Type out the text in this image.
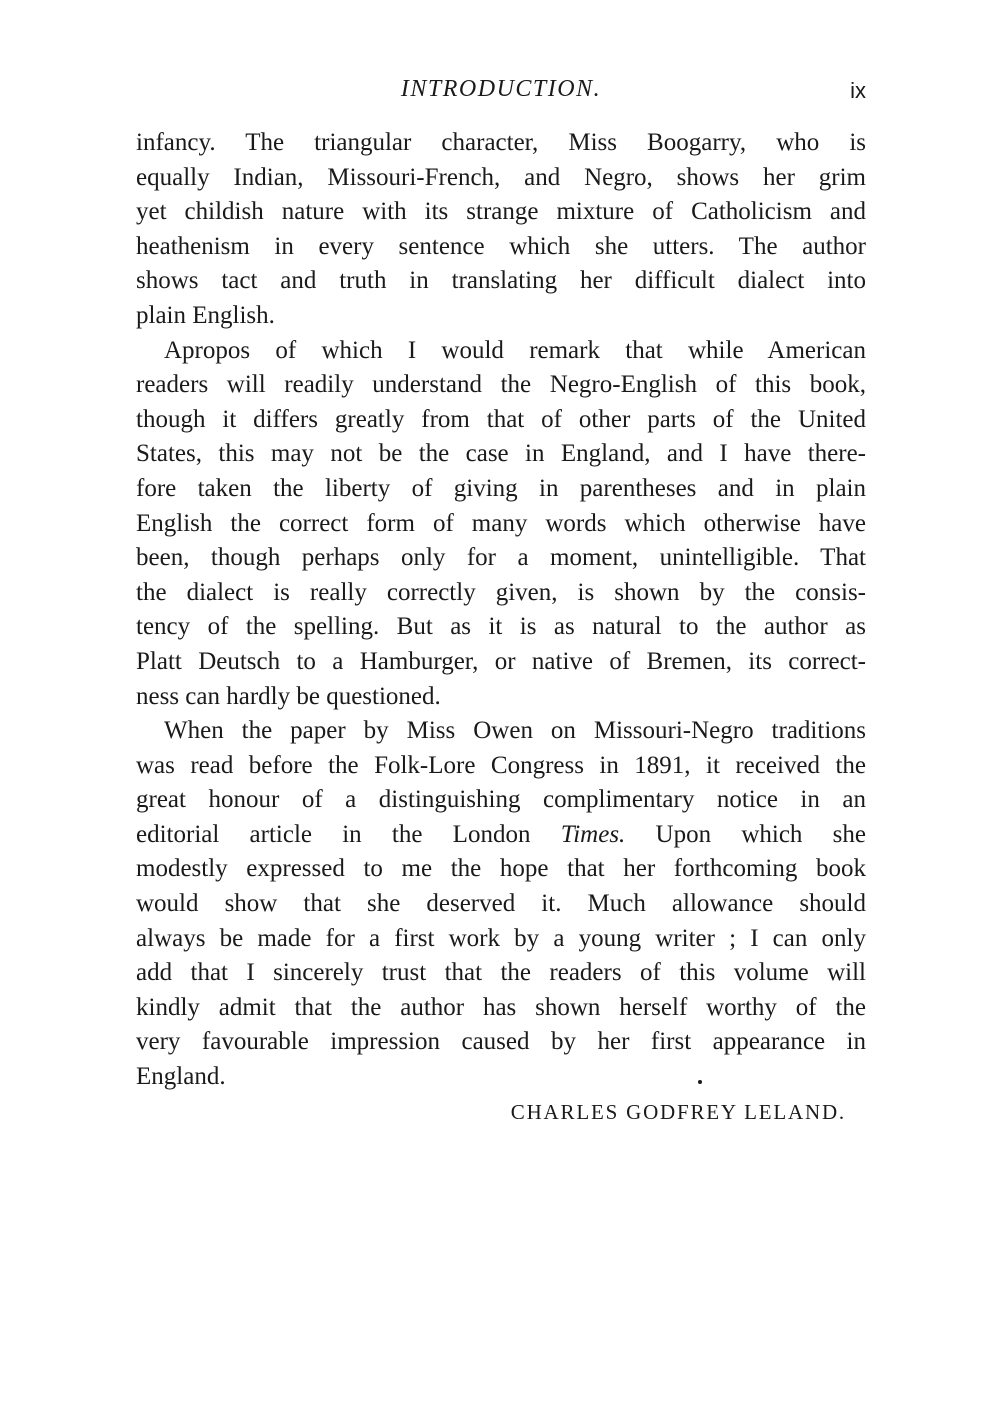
INTRODUCTION.	ix
infancy. The triangular character, Miss Boogarry, who is
equally Indian, Missouri-French, and Negro, shows her grim
yet childish nature with its strange mixture of Catholicism and
heathenism in every sentence which she utters. The author
shows tact and truth in translating her difficult dialect into
plain English.
Apropos of which I would remark that while American
readers will readily understand the Negro-English of this book,
though it differs greatly from that of other parts of the United
States, this may not be the case in England, and I have there-
fore taken the liberty of giving in parentheses and in plain
English the correct form of many words which otherwise have
been, though perhaps only for a moment, unintelligible. That
the dialect is really correctly given, is shown by the consis-
tency of the spelling. But as it is as natural to the author as
Platt Deutsch to a Hamburger, or native of Bremen, its correct-
ness can hardly be questioned.
When the paper by Miss Owen on Missouri-Negro traditions
was read before the Folk-Lore Congress in 1891, it received the
great honour of a distinguishing complimentary notice in an
editorial article in the London Times. Upon which she
modestly expressed to me the hope that her forthcoming book
would show that she deserved it. Much allowance should
always be made for a first work by a young writer ; I can only
add that I sincerely trust that the readers of this volume will
kindly admit that the author has shown herself worthy of the
very favourable impression caused by her first appearance in
England.
CHARLES GODFREY LELAND.
